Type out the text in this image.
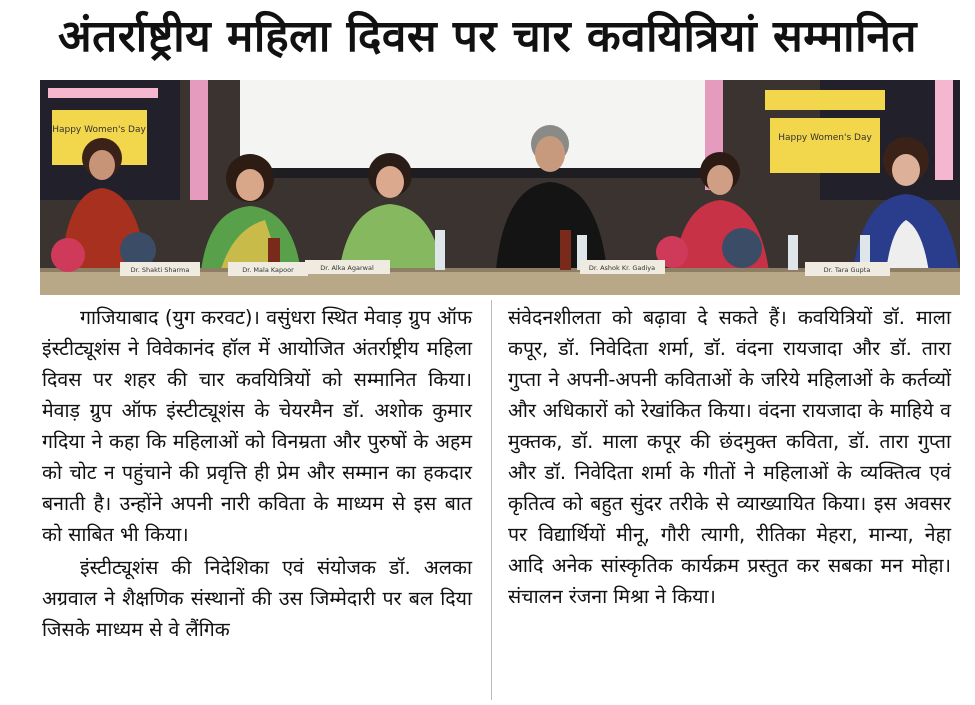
अंतर्राष्ट्रीय महिला दिवस पर चार कवयित्रियां सम्मानित
Happy Women's Day
Happy Women's Day
Dr. Shakti Sharma	Dr. Mala Kapoor	Dr. Alka Agarwal	Dr. Ashok Kr. Gadiya	Dr. Tara Gupta

गाजियाबाद (युग करवट)। वसुंधरा स्थित मेवाड़ ग्रुप ऑफ इंस्टीट्यूशंस ने विवेकानंद हॉल में आयोजित अंतर्राष्ट्रीय महिला दिवस पर शहर की चार कवयित्रियों को सम्मानित किया। मेवाड़ ग्रुप ऑफ इंस्टीट्यूशंस के चेयरमैन डॉ. अशोक कुमार गदिया ने कहा कि महिलाओं को विनम्रता और पुरुषों के अहम को चोट न पहुंचाने की प्रवृत्ति ही प्रेम और सम्मान का हकदार बनाती है। उन्होंने अपनी नारी कविता के माध्यम से इस बात को साबित भी किया।

इंस्टीट्यूशंस की निदेशिका एवं संयोजक डॉ. अलका अग्रवाल ने शैक्षणिक संस्थानों की उस जिम्मेदारी पर बल दिया जिसके माध्यम से वे लैंगिक

संवेदनशीलता को बढ़ावा दे सकते हैं। कवयित्रियों डॉ. माला कपूर, डॉ. निवेदिता शर्मा, डॉ. वंदना रायजादा और डॉ. तारा गुप्ता ने अपनी-अपनी कविताओं के जरिये महिलाओं के कर्तव्यों और अधिकारों को रेखांकित किया। वंदना रायजादा के माहिये व मुक्तक, डॉ. माला कपूर की छंदमुक्त कविता, डॉ. तारा गुप्ता और डॉ. निवेदिता शर्मा के गीतों ने महिलाओं के व्यक्तित्व एवं कृतित्व को बहुत सुंदर तरीके से व्याख्यायित किया। इस अवसर पर विद्यार्थियों मीनू, गौरी त्यागी, रीतिका मेहरा, मान्या, नेहा आदि अनेक सांस्कृतिक कार्यक्रम प्रस्तुत कर सबका मन मोहा। संचालन रंजना मिश्रा ने किया।
